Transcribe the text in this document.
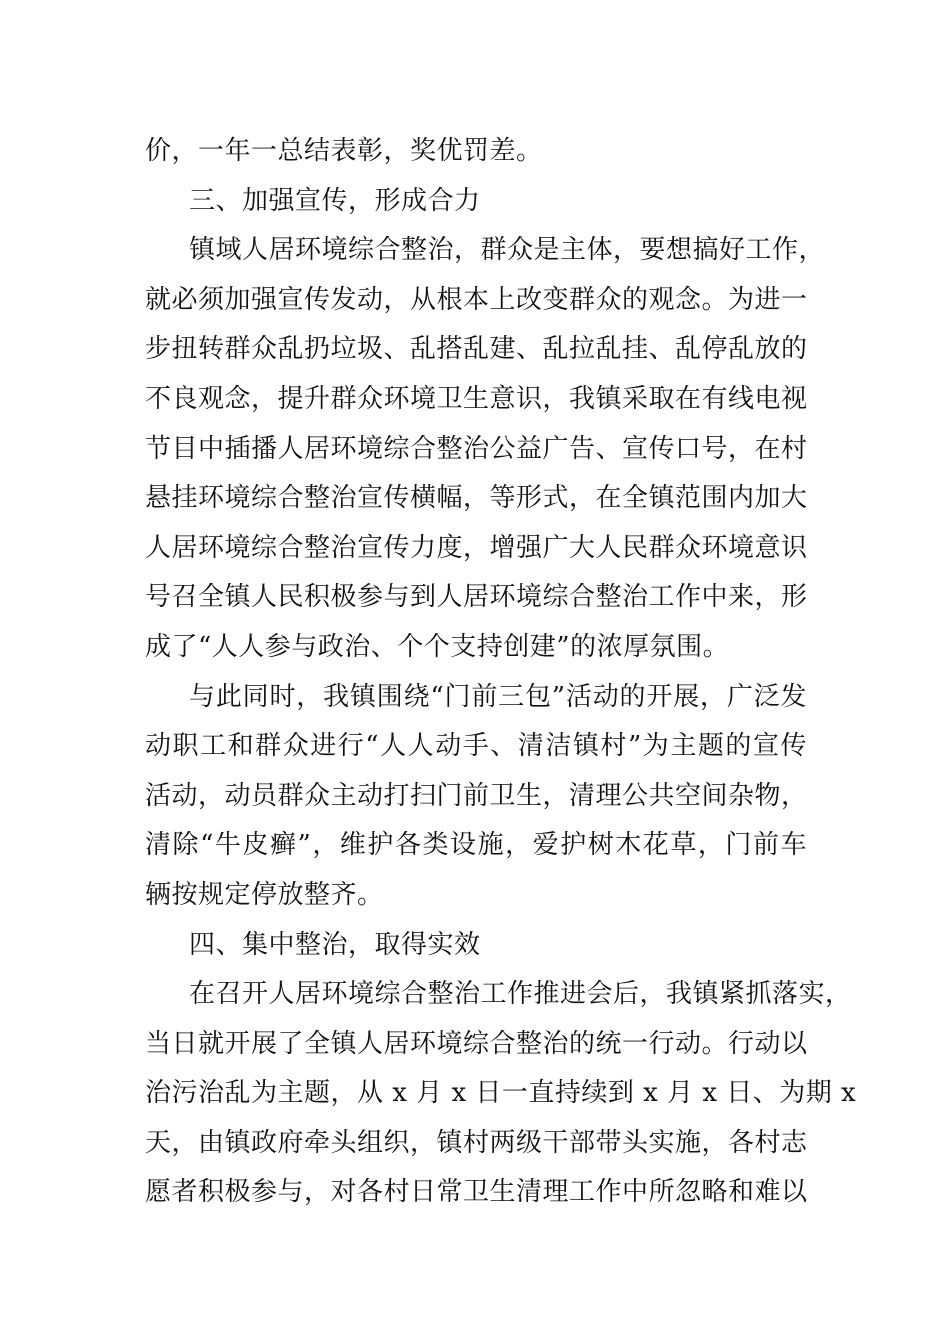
价，一年一总结表彰，奖优罚差。
三、加强宣传，形成合力
镇域人居环境综合整治，群众是主体，要想搞好工作，
就必须加强宣传发动，从根本上改变群众的观念。为进一
步扭转群众乱扔垃圾、乱搭乱建、乱拉乱挂、乱停乱放的
不良观念，提升群众环境卫生意识，我镇采取在有线电视
节目中插播人居环境综合整治公益广告、宣传口号，在村
悬挂环境综合整治宣传横幅，等形式，在全镇范围内加大
人居环境综合整治宣传力度，增强广大人民群众环境意识
号召全镇人民积极参与到人居环境综合整治工作中来，形
成了“人人参与政治、个个支持创建”的浓厚氛围。
与此同时，我镇围绕“门前三包”活动的开展，广泛发
动职工和群众进行“人人动手、清洁镇村”为主题的宣传
活动，动员群众主动打扫门前卫生，清理公共空间杂物，
清除“牛皮癣”，维护各类设施，爱护树木花草，门前车
辆按规定停放整齐。
四、集中整治，取得实效
在召开人居环境综合整治工作推进会后，我镇紧抓落实，
当日就开展了全镇人居环境综合整治的统一行动。行动以
治污治乱为主题，从 x 月 x 日一直持续到 x 月 x 日、为期 x
天，由镇政府牵头组织，镇村两级干部带头实施，各村志
愿者积极参与，对各村日常卫生清理工作中所忽略和难以
